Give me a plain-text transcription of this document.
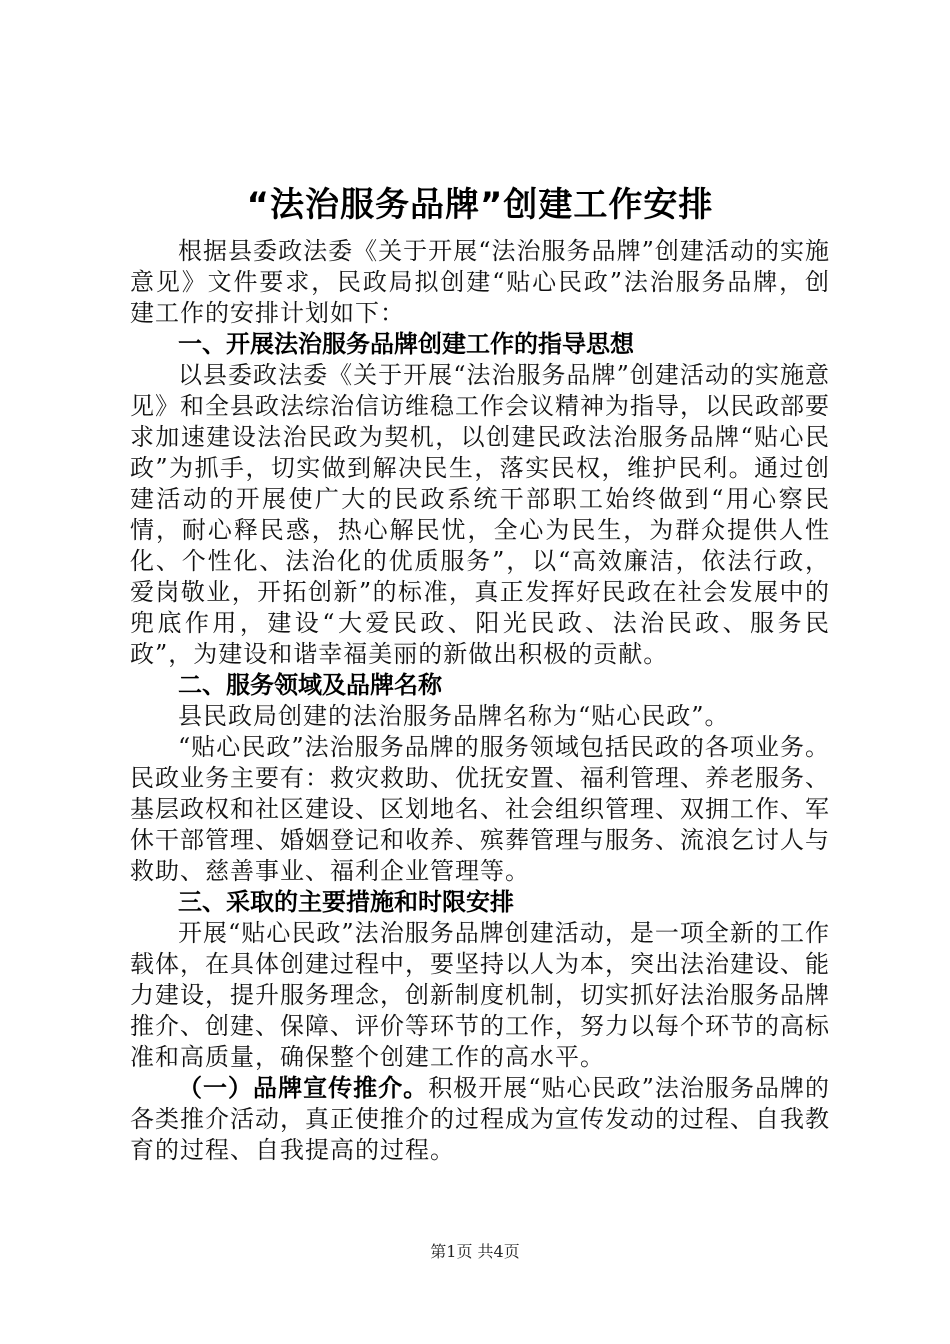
“法治服务品牌”创建工作安排

根据县委政法委《关于开展“法治服务品牌”创建活动的实施意见》文件要求，民政局拟创建“贴心民政”法治服务品牌，创建工作的安排计划如下：

一、开展法治服务品牌创建工作的指导思想

以县委政法委《关于开展“法治服务品牌”创建活动的实施意见》和全县政法综治信访维稳工作会议精神为指导，以民政部要求加速建设法治民政为契机，以创建民政法治服务品牌“贴心民政”为抓手，切实做到解决民生，落实民权，维护民利。通过创建活动的开展使广大的民政系统干部职工始终做到“用心察民情，耐心释民惑，热心解民忧，全心为民生，为群众提供人性化、个性化、法治化的优质服务”，以“高效廉洁，依法行政，爱岗敬业，开拓创新”的标准，真正发挥好民政在社会发展中的兜底作用，建设“大爱民政、阳光民政、法治民政、服务民政”，为建设和谐幸福美丽的新做出积极的贡献。

二、服务领域及品牌名称

县民政局创建的法治服务品牌名称为“贴心民政”。

“贴心民政”法治服务品牌的服务领域包括民政的各项业务。民政业务主要有：救灾救助、优抚安置、福利管理、养老服务、基层政权和社区建设、区划地名、社会组织管理、双拥工作、军休干部管理、婚姻登记和收养、殡葬管理与服务、流浪乞讨人与救助、慈善事业、福利企业管理等。

三、采取的主要措施和时限安排

开展“贴心民政”法治服务品牌创建活动，是一项全新的工作载体，在具体创建过程中，要坚持以人为本，突出法治建设、能力建设，提升服务理念，创新制度机制，切实抓好法治服务品牌推介、创建、保障、评价等环节的工作，努力以每个环节的高标准和高质量，确保整个创建工作的高水平。

（一）品牌宣传推介。积极开展“贴心民政”法治服务品牌的各类推介活动，真正使推介的过程成为宣传发动的过程、自我教育的过程、自我提高的过程。

第1页 共4页
